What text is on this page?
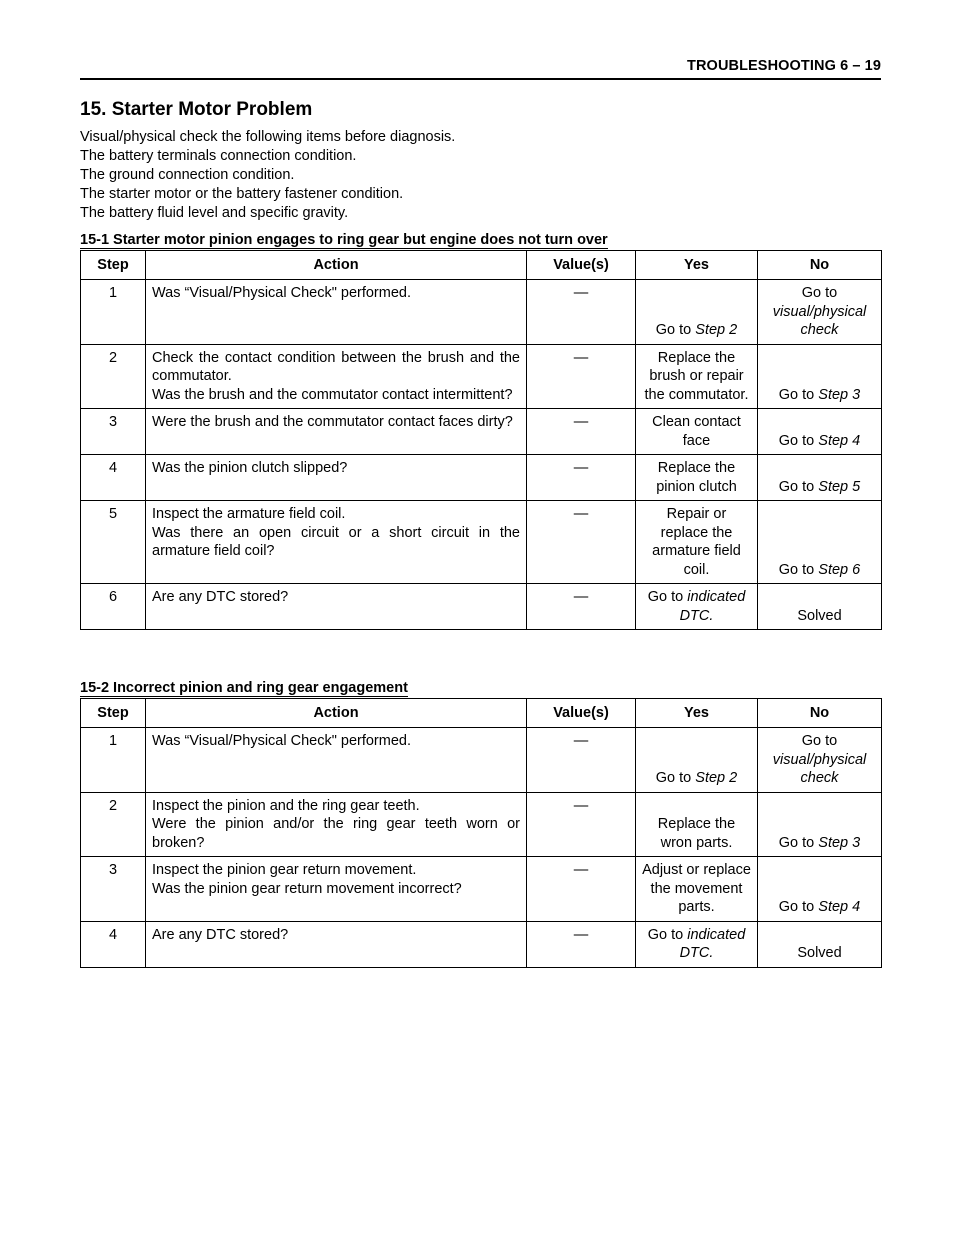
TROUBLESHOOTING 6 – 19
15. Starter Motor Problem
Visual/physical check the following items before diagnosis.
The battery terminals connection condition.
The ground connection condition.
The starter motor or the battery fastener condition.
The battery fluid level and specific gravity.
15-1 Starter motor pinion engages to ring gear but engine does not turn over
Step	Action	Value(s)	Yes	No
1	Was “Visual/Physical Check" performed.	—	Go to Step 2	Go to
visual/physical check
2	Check the contact condition between the brush and the commutator.
Was the brush and the commutator contact intermittent?	—	Replace the brush or repair the commutator.	Go to Step 3
3	Were the brush and the commutator contact faces dirty?	—	Clean contact face	Go to Step 4
4	Was the pinion clutch slipped?	—	Replace the pinion clutch	Go to Step 5
5	Inspect the armature field coil.
Was there an open circuit or a short circuit in the armature field coil?	—	Repair or replace the armature field coil.	Go to Step 6
6	Are any DTC stored?	—	Go to indicated DTC.	Solved
15-2 Incorrect pinion and ring gear engagement
Step	Action	Value(s)	Yes	No
1	Was “Visual/Physical Check" performed.	—	Go to Step 2	Go to
visual/physical check
2	Inspect the pinion and the ring gear teeth.
Were the pinion and/or the ring gear teeth worn or broken?	—	Replace the wron parts.	Go to Step 3
3	Inspect the pinion gear return movement.
Was the pinion gear return movement incorrect?	—	Adjust or replace the movement parts.	Go to Step 4
4	Are any DTC stored?	—	Go to indicated DTC.	Solved
